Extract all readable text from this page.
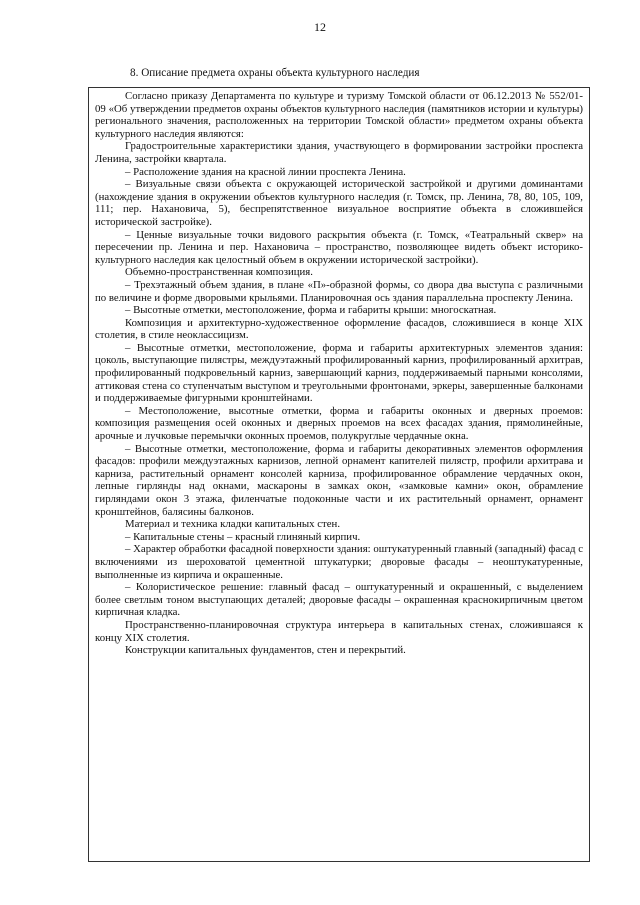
12
8. Описание предмета охраны объекта культурного наследия

Согласно приказу Департамента по культуре и туризму Томской области от 06.12.2013 № 552/01-09 «Об утверждении предметов охраны объектов культурного наследия (памятников истории и культуры) регионального значения, расположенных на территории Томской области» предметом охраны объекта культурного наследия являются:

Градостроительные характеристики здания, участвующего в формировании застройки проспекта Ленина, застройки квартала.

– Расположение здания на красной линии проспекта Ленина.

– Визуальные связи объекта с окружающей исторической застройкой и другими доминантами (нахождение здания в окружении объектов культурного наследия (г. Томск, пр. Ленина, 78, 80, 105, 109, 111; пер. Нахановича, 5), беспрепятственное визуальное восприятие объекта в сложившейся исторической застройке).

– Ценные визуальные точки видового раскрытия объекта (г. Томск, «Театральный сквер» на пересечении пр. Ленина и пер. Нахановича – пространство, позволяющее видеть объект историко-культурного наследия как целостный объем в окружении исторической застройки).

Объемно-пространственная композиция.

– Трехэтажный объем здания, в плане «П»-образной формы, со двора два выступа с различными по величине и форме дворовыми крыльями. Планировочная ось здания параллельна проспекту Ленина.

– Высотные отметки, местоположение, форма и габариты крыши: многоскатная.

Композиция и архитектурно-художественное оформление фасадов, сложившиеся в конце XIX столетия, в стиле неоклассицизм.

– Высотные отметки, местоположение, форма и габариты архитектурных элементов здания: цоколь, выступающие пилястры, междуэтажный профилированный карниз, профилированный архитрав, профилированный подкровельный карниз, завершающий карниз, поддерживаемый парными консолями, аттиковая стена со ступенчатым выступом и треугольными фронтонами, эркеры, завершенные балконами и поддерживаемые фигурными кронштейнами.

– Местоположение, высотные отметки, форма и габариты оконных и дверных проемов: композиция размещения осей оконных и дверных проемов на всех фасадах здания, прямолинейные, арочные и лучковые перемычки оконных проемов, полукруглые чердачные окна.

– Высотные отметки, местоположение, форма и габариты декоративных элементов оформления фасадов: профили междуэтажных карнизов, лепной орнамент капителей пилястр, профили архитрава и карниза, растительный орнамент консолей карниза, профилированное обрамление чердачных окон, лепные гирлянды над окнами, маскароны в замках окон, «замковые камни» окон, обрамление гирляндами окон 3 этажа, филенчатые подоконные части и их растительный орнамент, орнамент кронштейнов, балясины балконов.

Материал и техника кладки капитальных стен.

– Капитальные стены – красный глиняный кирпич.

– Характер обработки фасадной поверхности здания: оштукатуренный главный (западный) фасад с включениями из шероховатой цементной штукатурки; дворовые фасады – неоштукатуренные, выполненные из кирпича и окрашенные.

– Колористическое решение: главный фасад – оштукатуренный и окрашенный, с выделением более светлым тоном выступающих деталей; дворовые фасады – окрашенная краснокирпичным цветом кирпичная кладка.

Пространственно-планировочная структура интерьера в капитальных стенах, сложившаяся к концу XIX столетия.

Конструкции капитальных фундаментов, стен и перекрытий.
